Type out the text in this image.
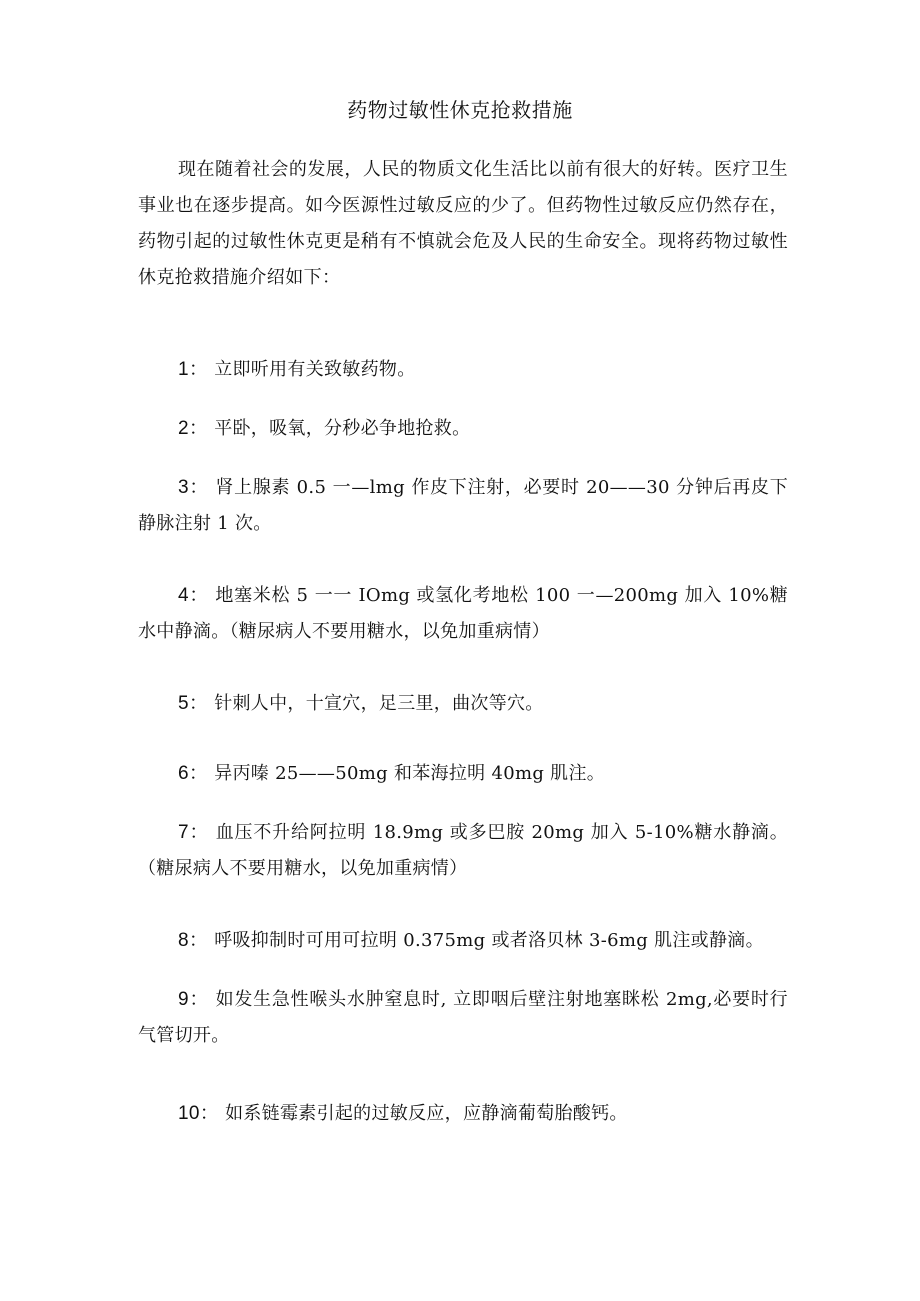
药物过敏性休克抢救措施

现在随着社会的发展，人民的物质文化生活比以前有很大的好转。医疗卫生事业也在逐步提高。如今医源性过敏反应的少了。但药物性过敏反应仍然存在，药物引起的过敏性休克更是稍有不慎就会危及人民的生命安全。现将药物过敏性休克抢救措施介绍如下：

1： 立即听用有关致敏药物。

2： 平卧，吸氧，分秒必争地抢救。

3： 肾上腺素 0.5 一—lmg 作皮下注射，必要时 20——30 分钟后再皮下静脉注射 1 次。

4： 地塞米松 5 一一 IOmg 或氢化考地松 100 一—200mg 加入 10%糖水中静滴。（糖尿病人不要用糖水，以免加重病情）

5： 针刺人中，十宣穴，足三里，曲次等穴。

6： 异丙嗪 25——50mg 和苯海拉明 40mg 肌注。

7： 血压不升给阿拉明 18.9mg 或多巴胺 20mg 加入 5-10%糖水静滴。（糖尿病人不要用糖水，以免加重病情）

8： 呼吸抑制时可用可拉明 0.375mg 或者洛贝林 3-6mg 肌注或静滴。

9： 如发生急性喉头水肿窒息时, 立即咽后壁注射地塞眯松 2mg,必要时行气管切开。

10： 如系链霉素引起的过敏反应，应静滴葡萄胎酸钙。
